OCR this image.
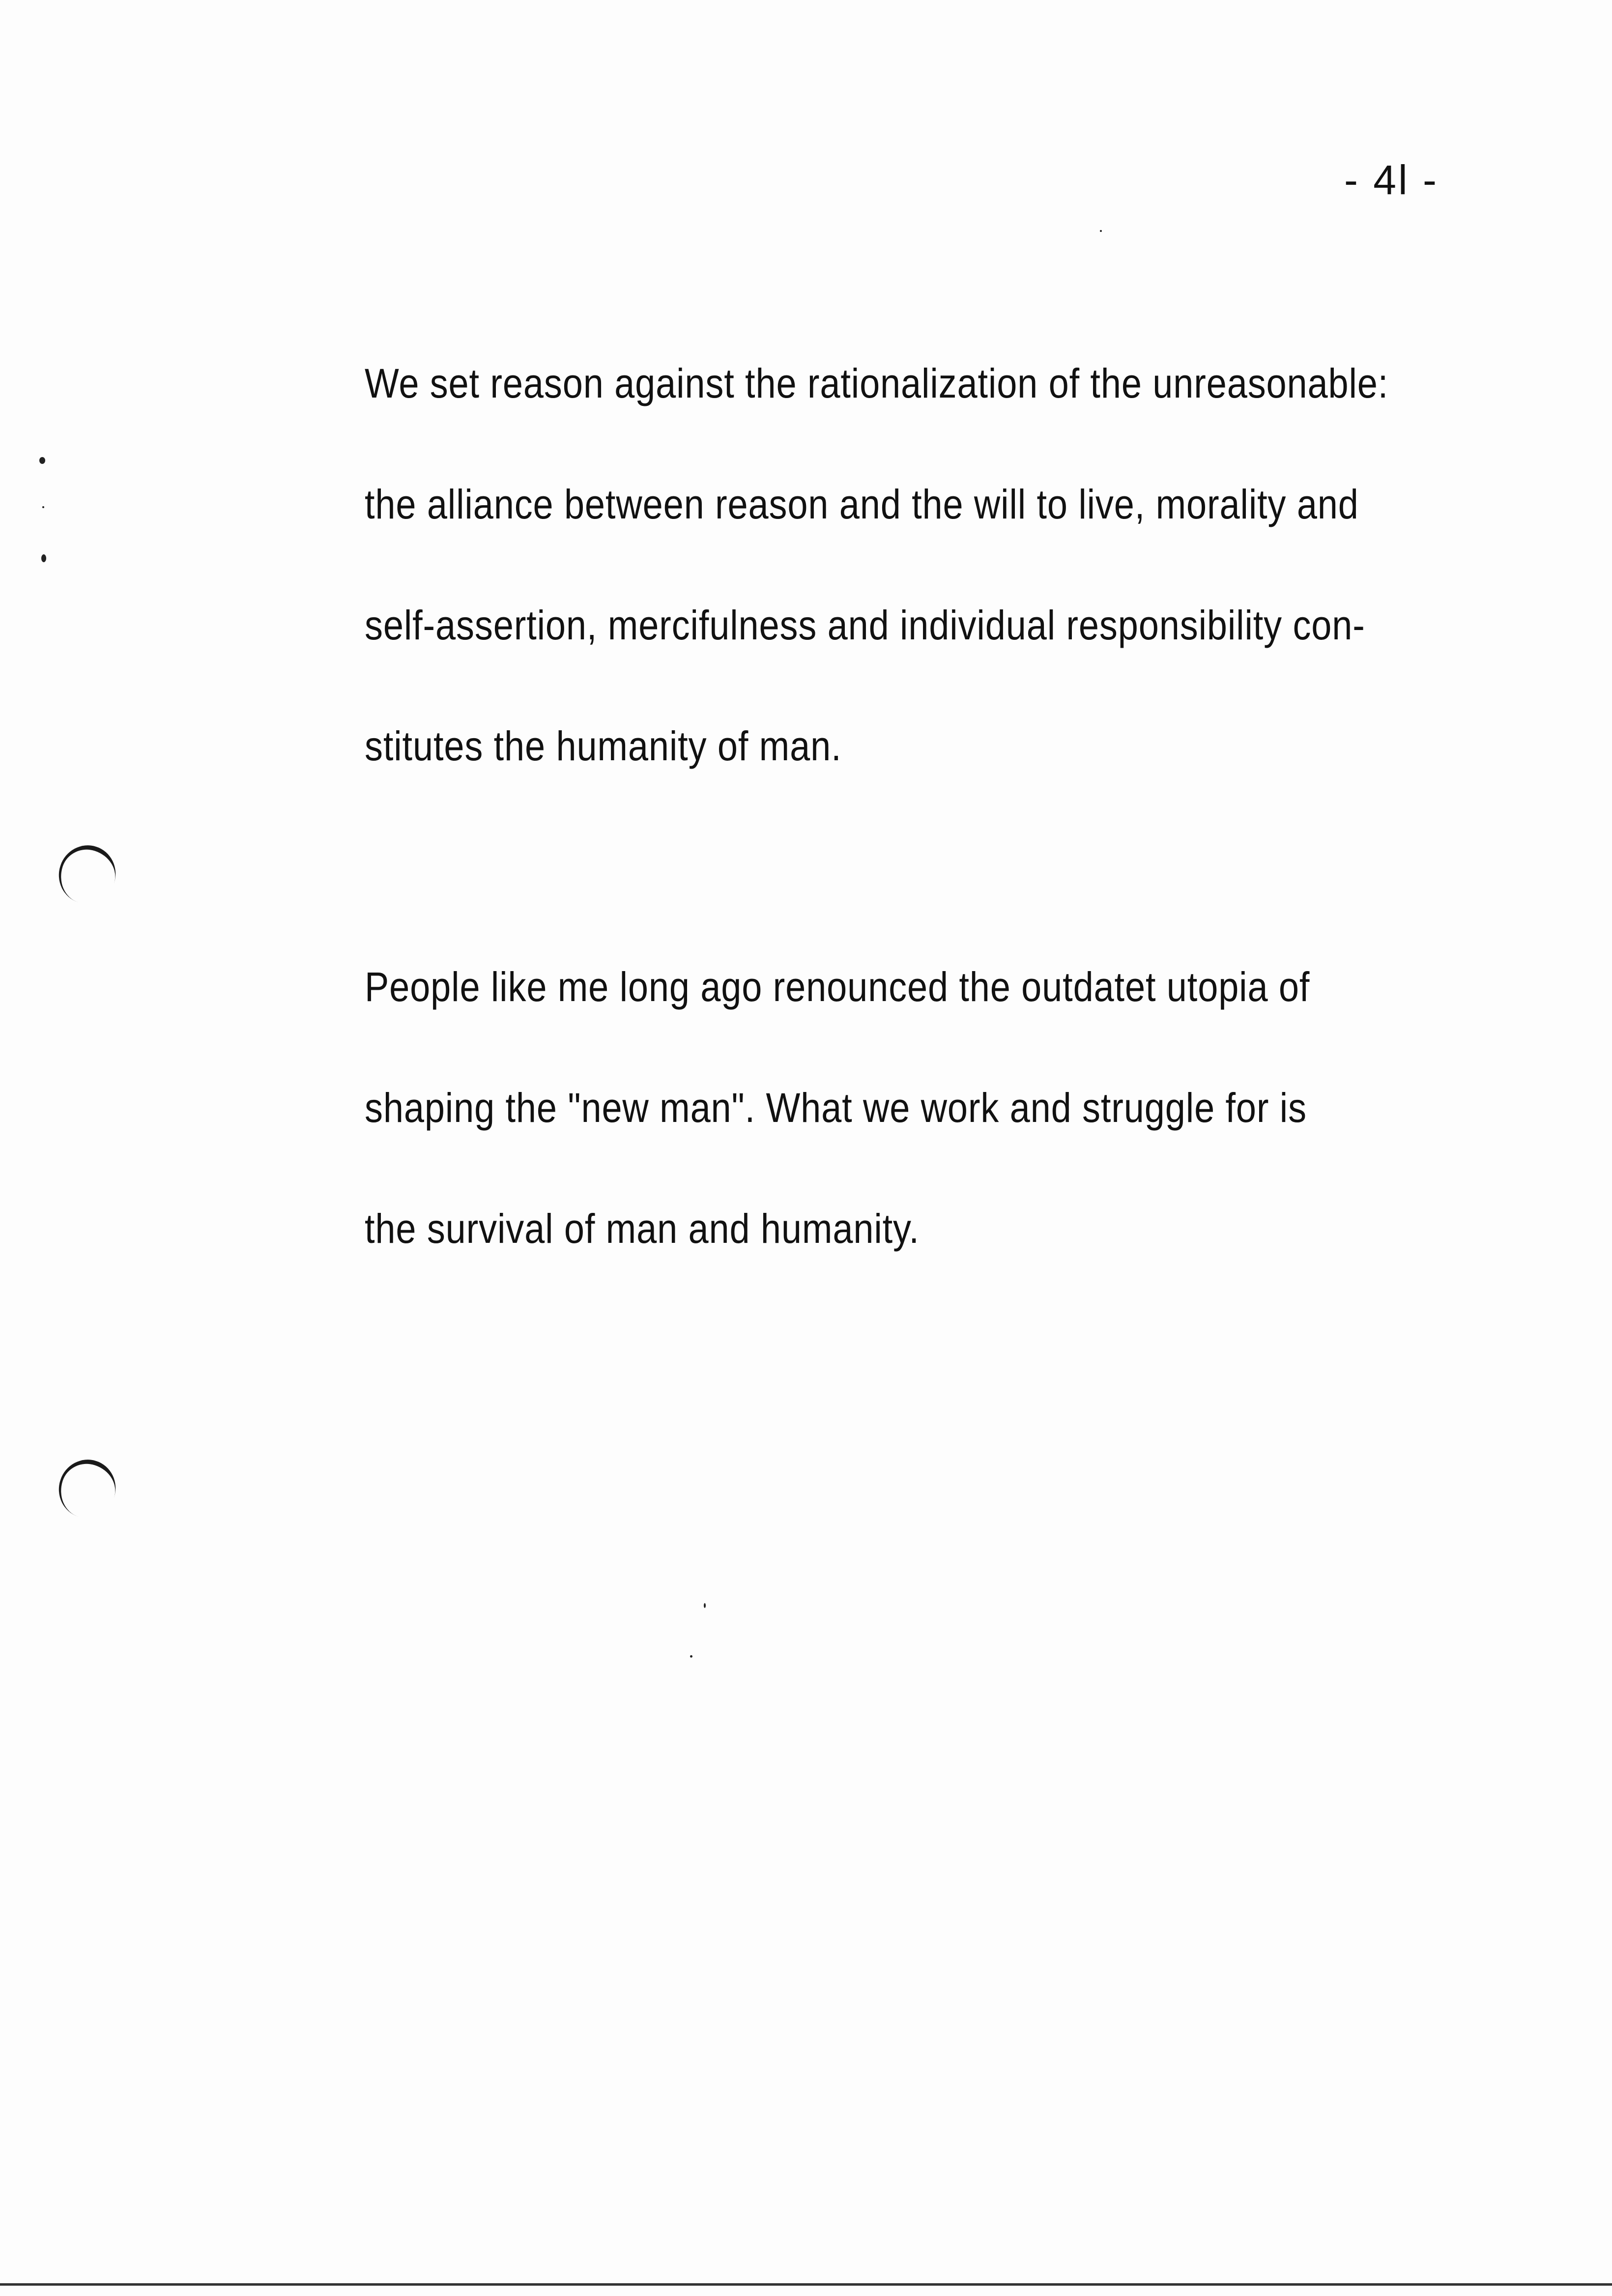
- 4l -
We set reason against the rationalization of the unreasonable:
the alliance between reason and the will to live, morality and
self-assertion, mercifulness and individual responsibility con-
stitutes the humanity of man.
People like me long ago renounced the outdatet utopia of
shaping the "new man". What we work and struggle for is
the survival of man and humanity.
